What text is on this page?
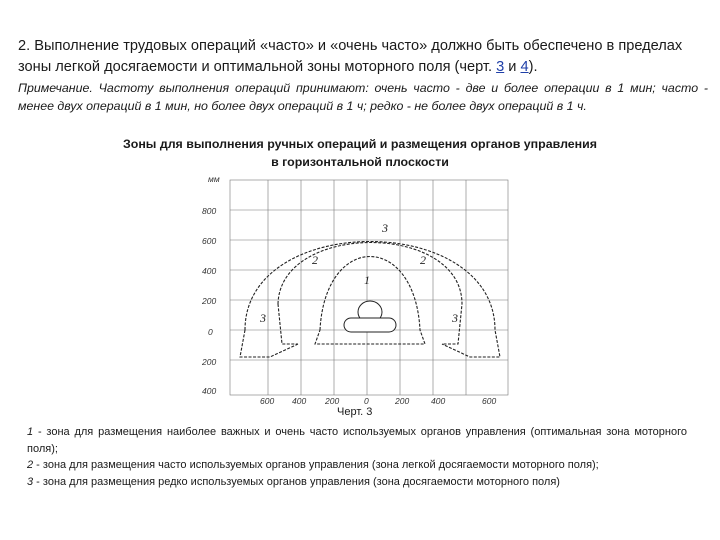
2. Выполнение трудовых операций «часто» и «очень часто» должно быть обеспечено в пределах зоны легкой досягаемости и оптимальной зоны моторного поля (черт. 3 и 4).
Примечание. Частоту выполнения операций принимают: очень часто - две и более операции в 1 мин; часто - менее двух операций в 1 мин, но более двух операций в 1 ч; редко - не более двух операций в 1 ч.
Зоны для выполнения ручных операций и размещения органов управления
в горизонтальной плоскости
мм
800
600
400
200
0
200
400
600 400 200	0	200	400	600
3
2	2
1
3	3
Черт. 3

1 - зона для размещения наиболее важных и очень часто используемых органов управления (оптимальная зона моторного поля);

2 - зона для размещения часто используемых органов управления (зона легкой досягаемости моторного поля);

3 - зона для размещения редко используемых органов управления (зона досягаемости моторного поля)
